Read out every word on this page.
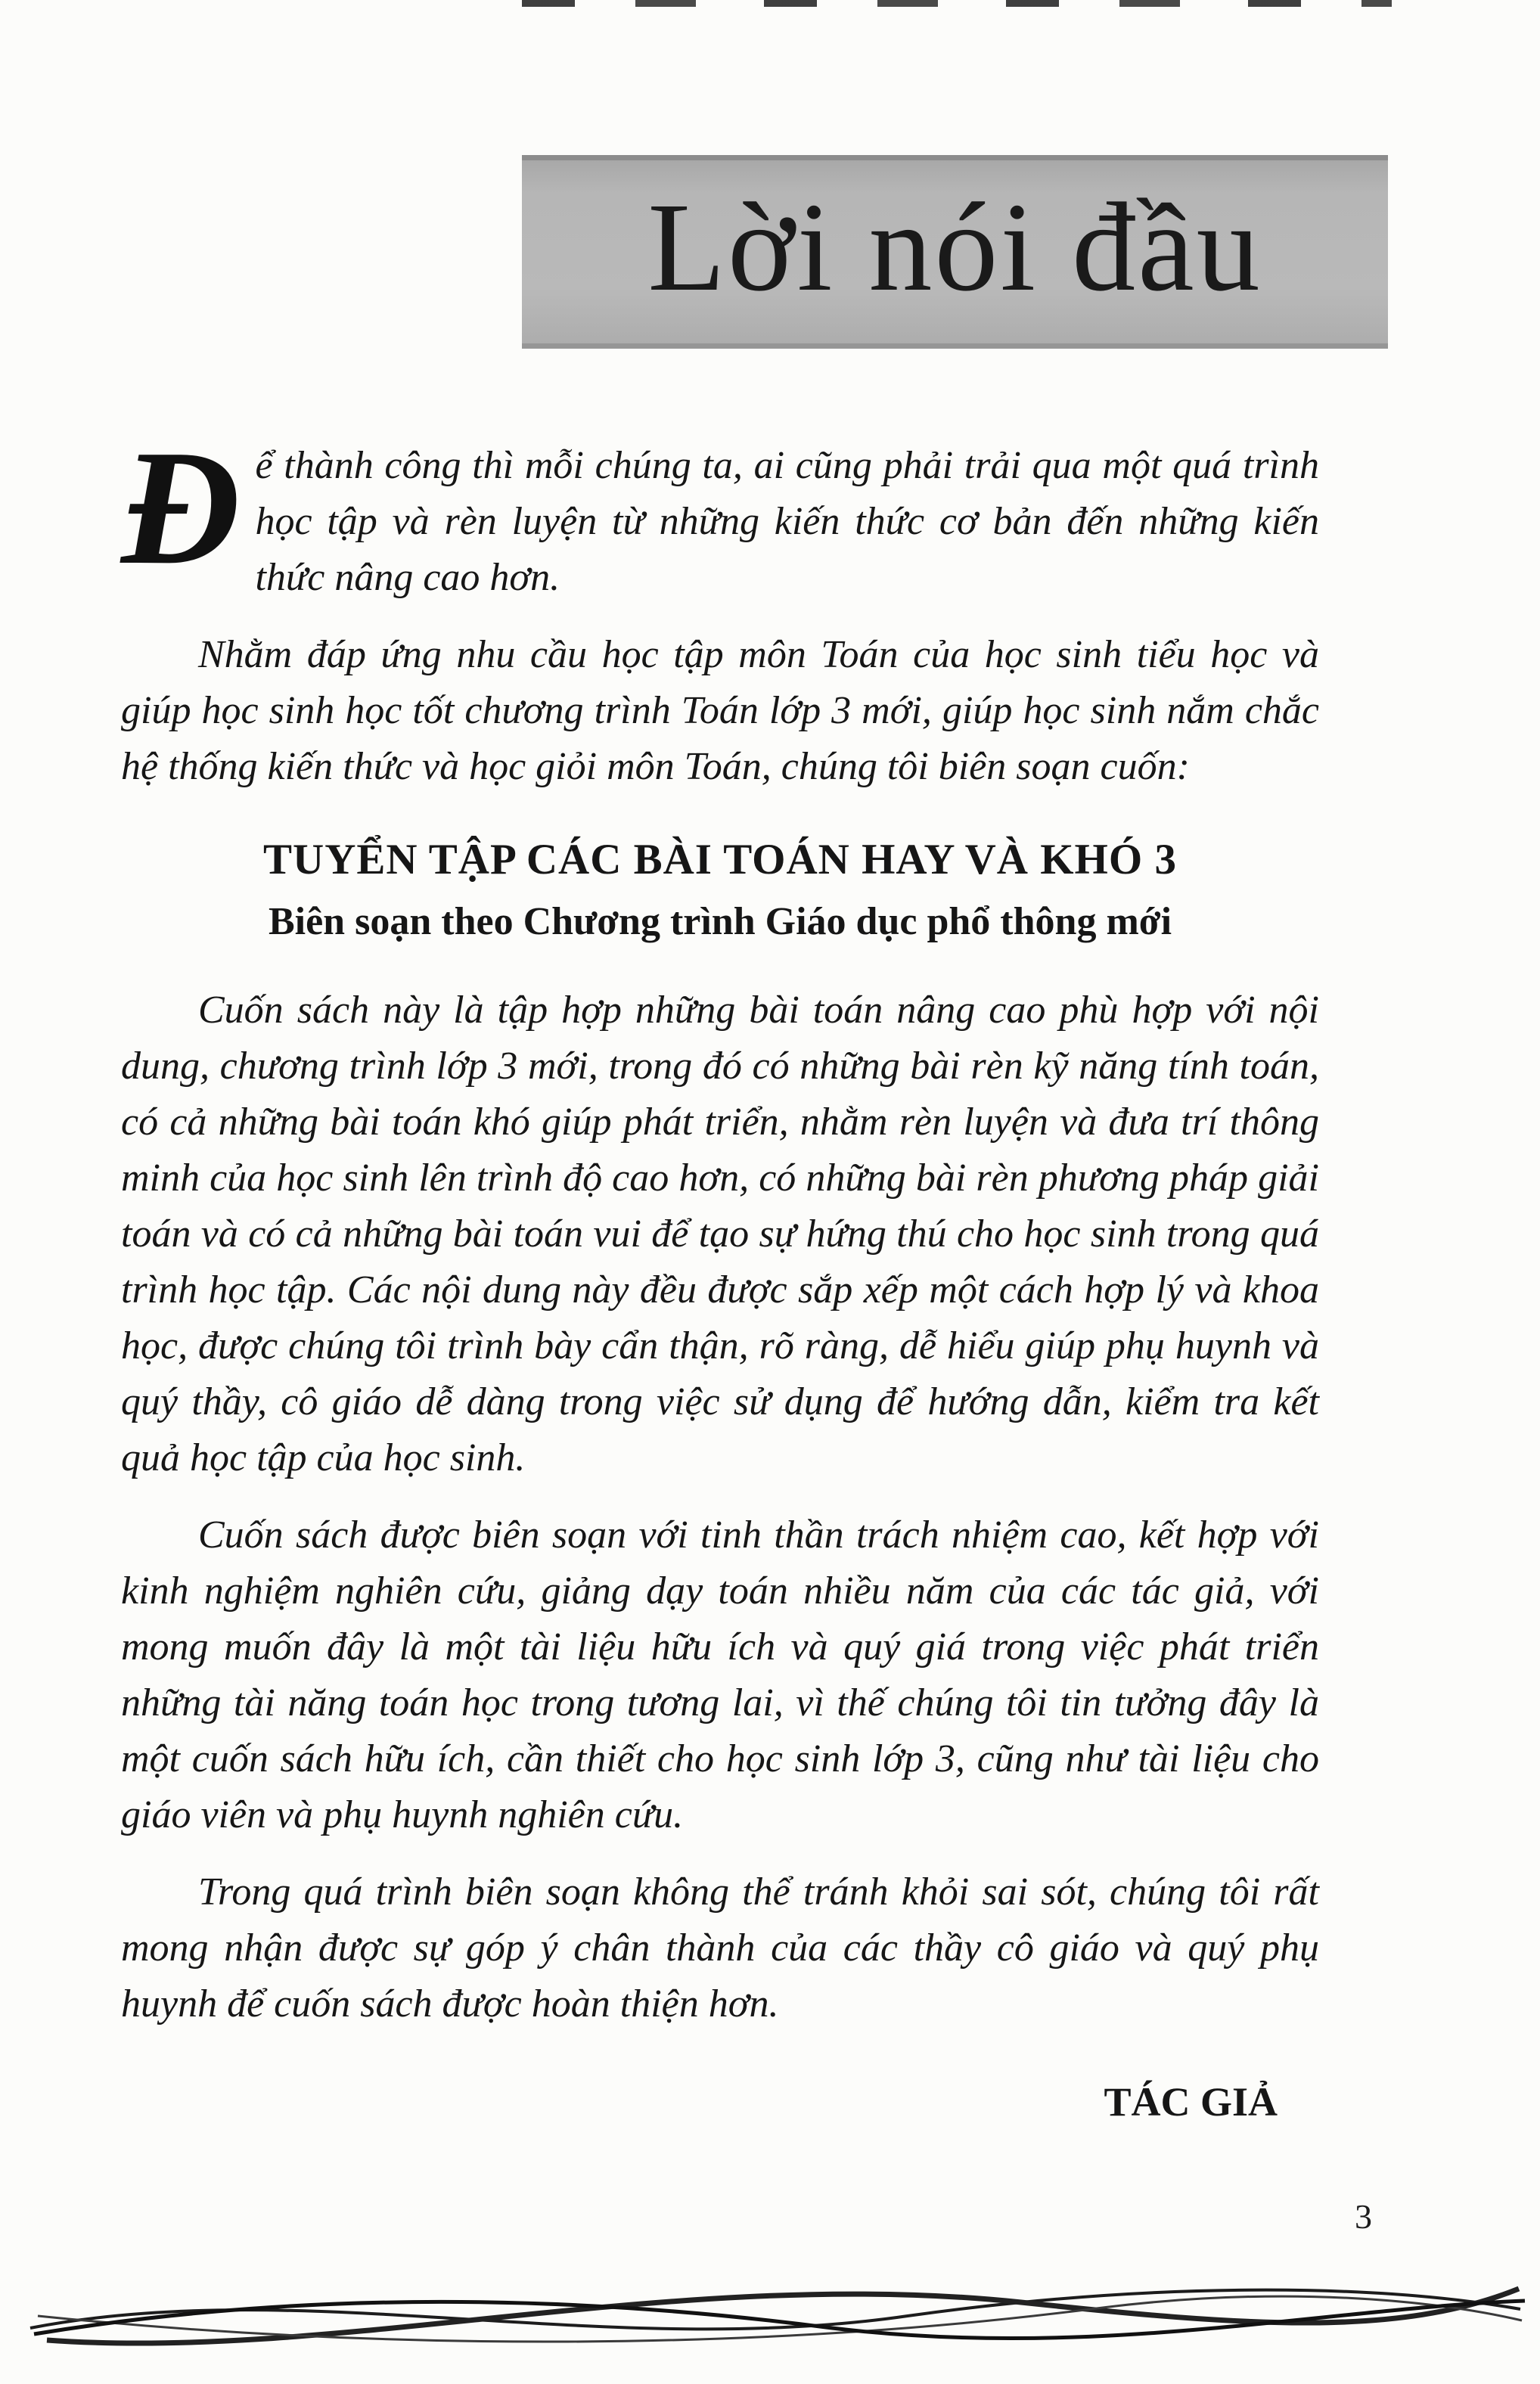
Lời nói đầu

Đ ể thành công thì mỗi chúng ta, ai cũng phải trải qua một quá trình học tập và rèn luyện từ những kiến thức cơ bản đến những kiến thức nâng cao hơn.

Nhằm đáp ứng nhu cầu học tập môn Toán của học sinh tiểu học và giúp học sinh học tốt chương trình Toán lớp 3 mới, giúp học sinh nắm chắc hệ thống kiến thức và học giỏi môn Toán, chúng tôi biên soạn cuốn:

TUYỂN TẬP CÁC BÀI TOÁN HAY VÀ KHÓ 3
Biên soạn theo Chương trình Giáo dục phổ thông mới

Cuốn sách này là tập hợp những bài toán nâng cao phù hợp với nội dung, chương trình lớp 3 mới, trong đó có những bài rèn kỹ năng tính toán, có cả những bài toán khó giúp phát triển, nhằm rèn luyện và đưa trí thông minh của học sinh lên trình độ cao hơn, có những bài rèn phương pháp giải toán và có cả những bài toán vui để tạo sự hứng thú cho học sinh trong quá trình học tập. Các nội dung này đều được sắp xếp một cách hợp lý và khoa học, được chúng tôi trình bày cẩn thận, rõ ràng, dễ hiểu giúp phụ huynh và quý thầy, cô giáo dễ dàng trong việc sử dụng để hướng dẫn, kiểm tra kết quả học tập của học sinh.

Cuốn sách được biên soạn với tinh thần trách nhiệm cao, kết hợp với kinh nghiệm nghiên cứu, giảng dạy toán nhiều năm của các tác giả, với mong muốn đây là một tài liệu hữu ích và quý giá trong việc phát triển những tài năng toán học trong tương lai, vì thế chúng tôi tin tưởng đây là một cuốn sách hữu ích, cần thiết cho học sinh lớp 3, cũng như tài liệu cho giáo viên và phụ huynh nghiên cứu.

Trong quá trình biên soạn không thể tránh khỏi sai sót, chúng tôi rất mong nhận được sự góp ý chân thành của các thầy cô giáo và quý phụ huynh để cuốn sách được hoàn thiện hơn.

TÁC GIẢ
3
